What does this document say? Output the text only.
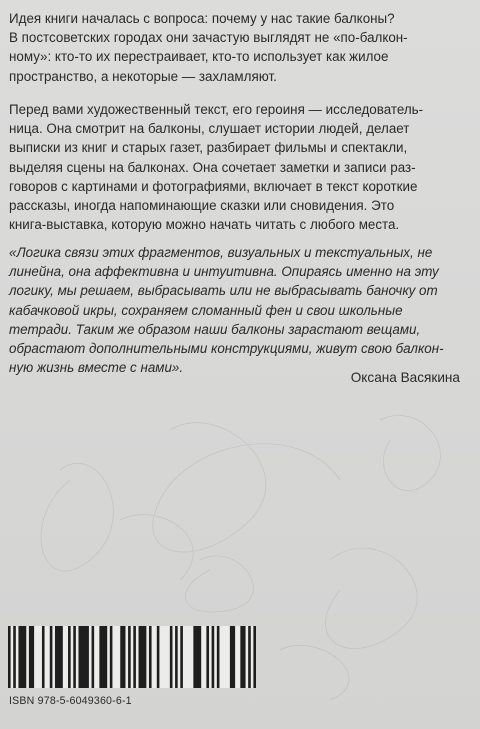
Идея книги началась с вопроса: почему у нас такие балконы?
В постсоветских городах они зачастую выглядят не «по-балкон-
ному»: кто-то их перестраивает, кто-то использует как жилое
пространство, а некоторые — захламляют.
Перед вами художественный текст, его героиня — исследователь-
ница. Она смотрит на балконы, слушает истории людей, делает
выписки из книг и старых газет, разбирает фильмы и спектакли,
выделяя сцены на балконах. Она сочетает заметки и записи раз-
говоров с картинами и фотографиями, включает в текст короткие
рассказы, иногда напоминающие сказки или сновидения. Это
книга-выставка, которую можно начать читать с любого места.
«Логика связи этих фрагментов, визуальных и текстуальных, не
линейна, она аффективна и интуитивна. Опираясь именно на эту
логику, мы решаем, выбрасывать или не выбрасывать баночку от
кабачковой икры, сохраняем сломанный фен и свои школьные
тетради. Таким же образом наши балконы зарастают вещами,
обрастают дополнительными конструкциями, живут свою балкон-
ную жизнь вместе с нами».
Оксана Васякина
ISBN 978-5-6049360-6-1
